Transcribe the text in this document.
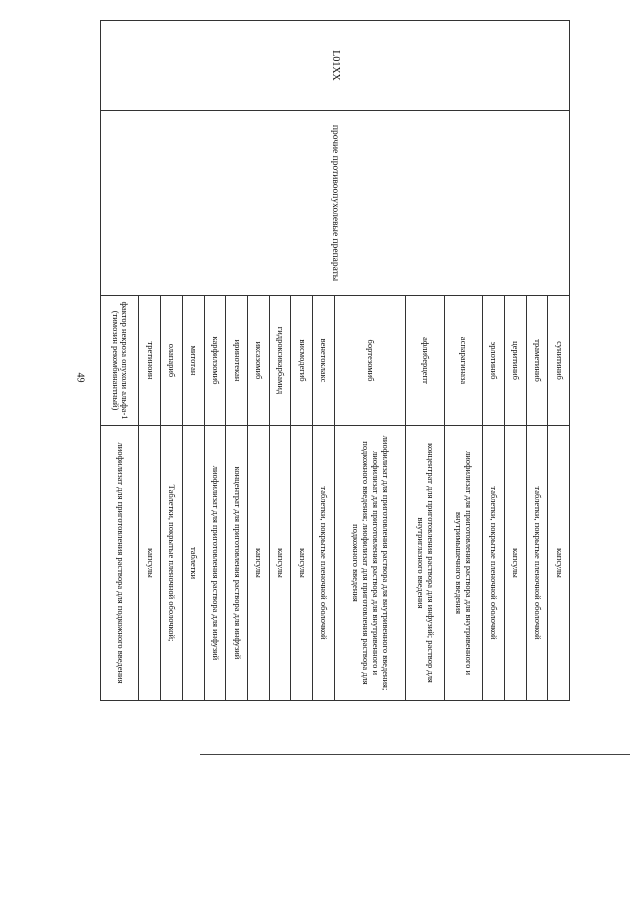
49
L01XX	прочие противоопухолевые препараты	сунитиниб	капсулы
		траметиниб	таблетки, покрытые пленочной оболочкой
		церитиниб	капсулы
		эрлотиниб	таблетки, покрытые пленочной оболочкой
		аспарагиназа	лиофилизат для приготовления раствора для внутривенного и внутримышечного введения
		афлиберцепт	концентрат для приготовления раствора для инфузий; раствор для внутриглазного введения
		бортезомиб	лиофилизат для приготовления раствора для внутривенного введения; лиофилизат для приготовления раствора для внутривенного и подкожного введения; лиофилизат для приготовления раствора для подкожного введения
		венетоклакс	таблетки, покрытые пленочной оболочкой
		висмодегиб	капсулы
		гидроксикарбамид	капсулы
		иксазомиб	капсулы
		иринотекан	концентрат для приготовления раствора для инфузий
		карфилзомиб	лиофилизат для приготовления раствора для инфузий
		митотан	таблетки
		олапариб	Таблетки, покрытые пленочной оболочкой;
		третиноин	капсулы
		фактор некроза опухоли альфа-1 (тимозин рекомбинантный)	лиофилизат для приготовления раствора для подкожного введения
